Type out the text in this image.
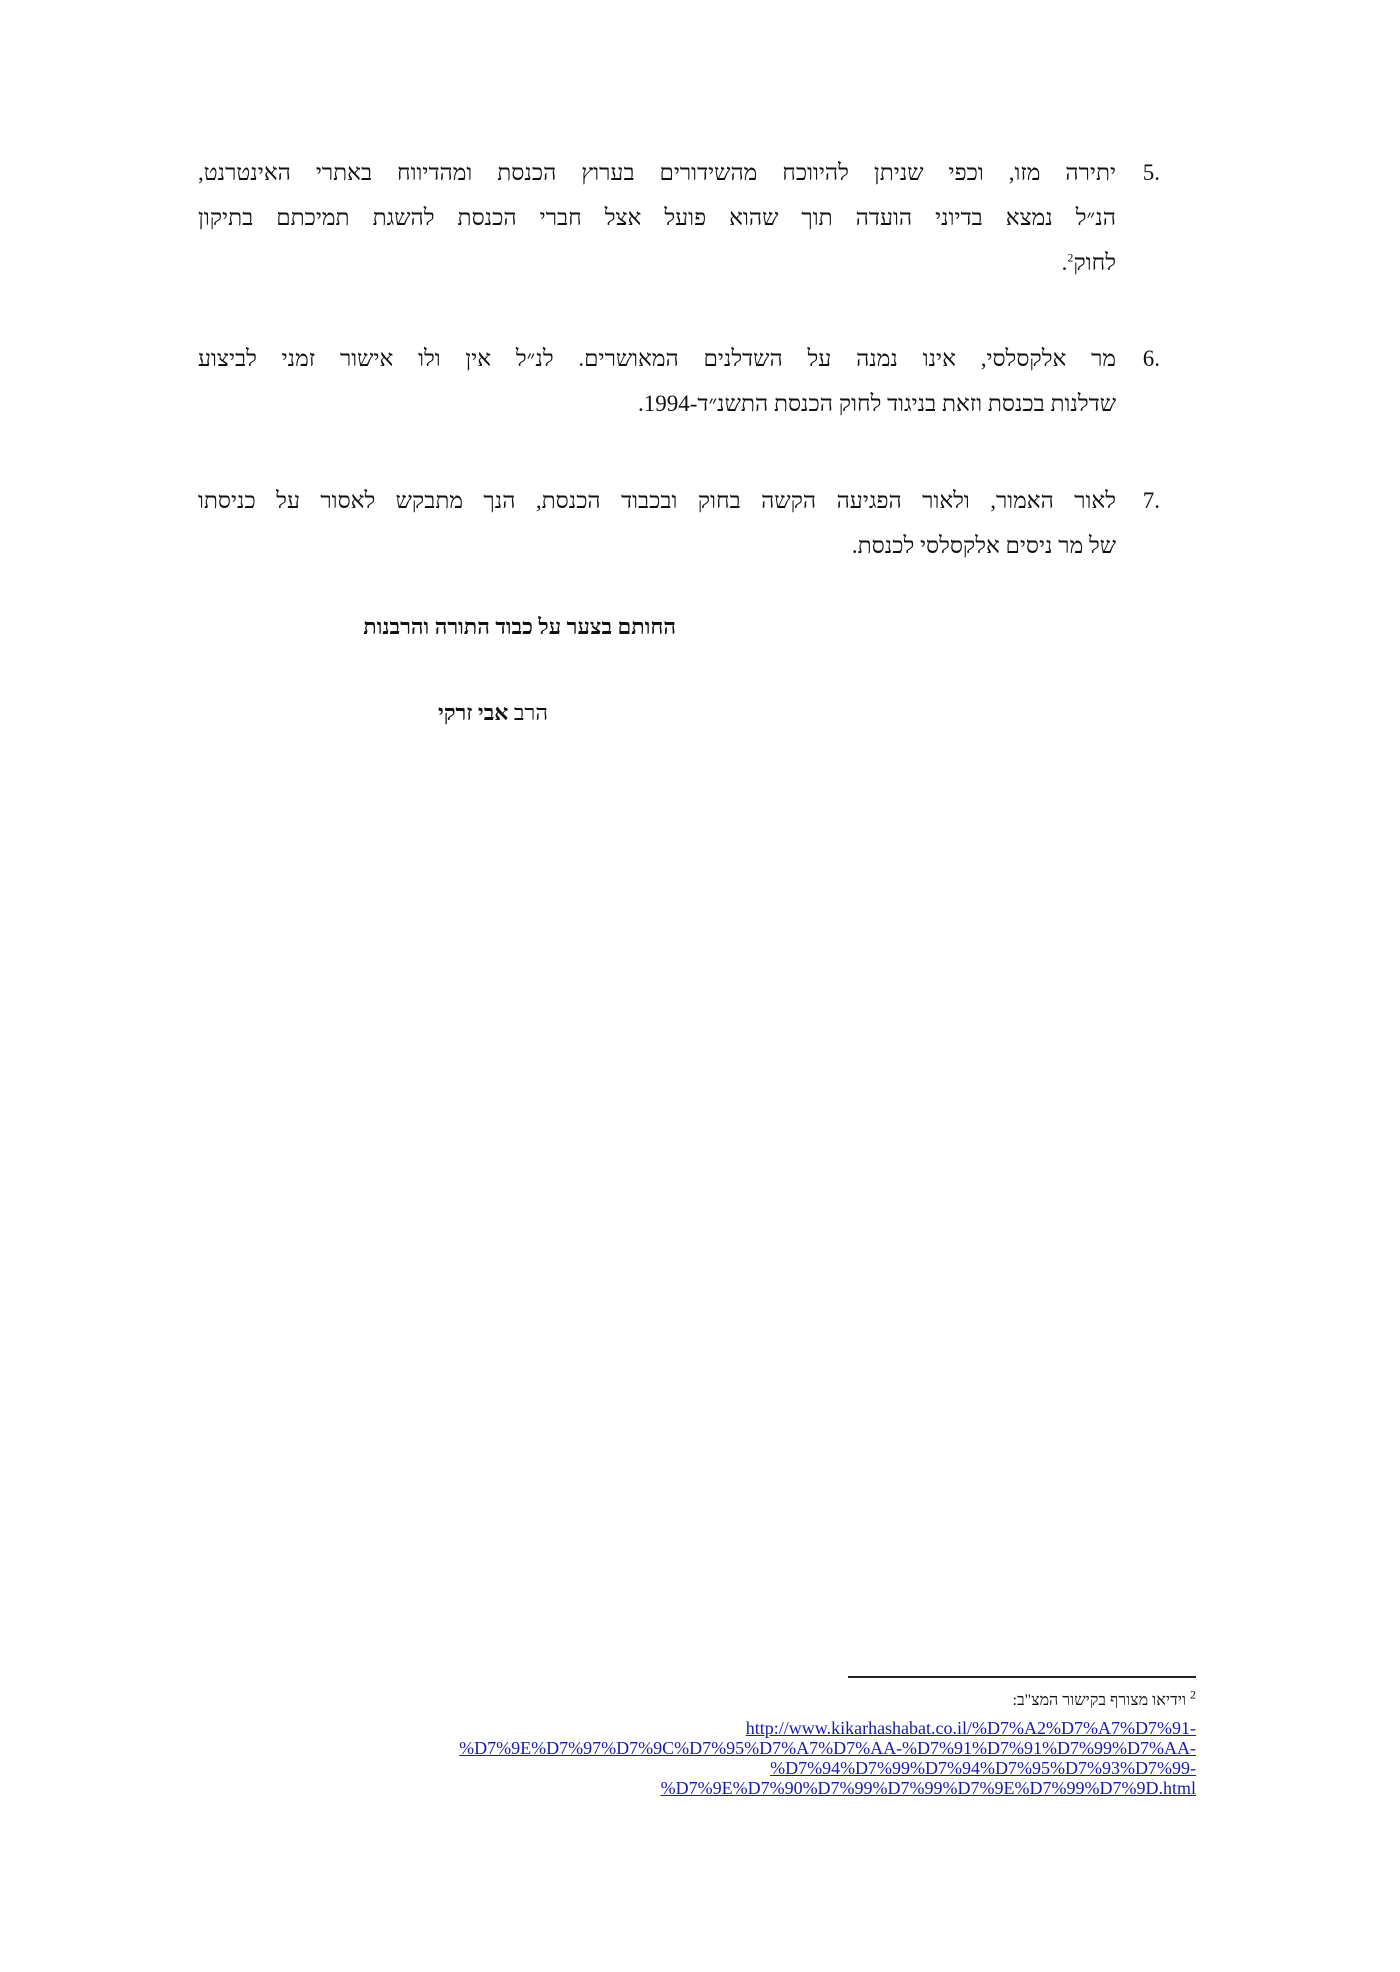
5.
יתירה מזו, וכפי שניתן להיווכח מהשידורים בערוץ הכנסת ומהדיווח באתרי האינטרנט,
הנ״ל נמצא בדיוני הועדה תוך שהוא פועל אצל חברי הכנסת להשגת תמיכתם בתיקון
לחוק$^2$.
6.
מר אלקסלסי, אינו נמנה על השדלנים המאושרים. לנ״ל אין ולו אישור זמני לביצוע
שדלנות בכנסת וזאת בניגוד לחוק הכנסת התשנ״ד-1994.
7.
לאור האמור, ולאור הפגיעה הקשה בחוק ובכבוד הכנסת, הנך מתבקש לאסור על כניסתו
של מר ניסים אלקסלסי לכנסת.
החותם בצער על כבוד התורה והרבנות
הרב אבי זרקי
$^2$ וידיאו מצורף בקישור המצ"ב:
http://www.kikarhashabat.co.il/%D7%A2%D7%A7%D7%91-
%D7%9E%D7%97%D7%9C%D7%95%D7%A7%D7%AA-%D7%91%D7%91%D7%99%D7%AA-
%D7%94%D7%99%D7%94%D7%95%D7%93%D7%99-
%D7%9E%D7%90%D7%99%D7%99%D7%9E%D7%99%D7%9D.html
